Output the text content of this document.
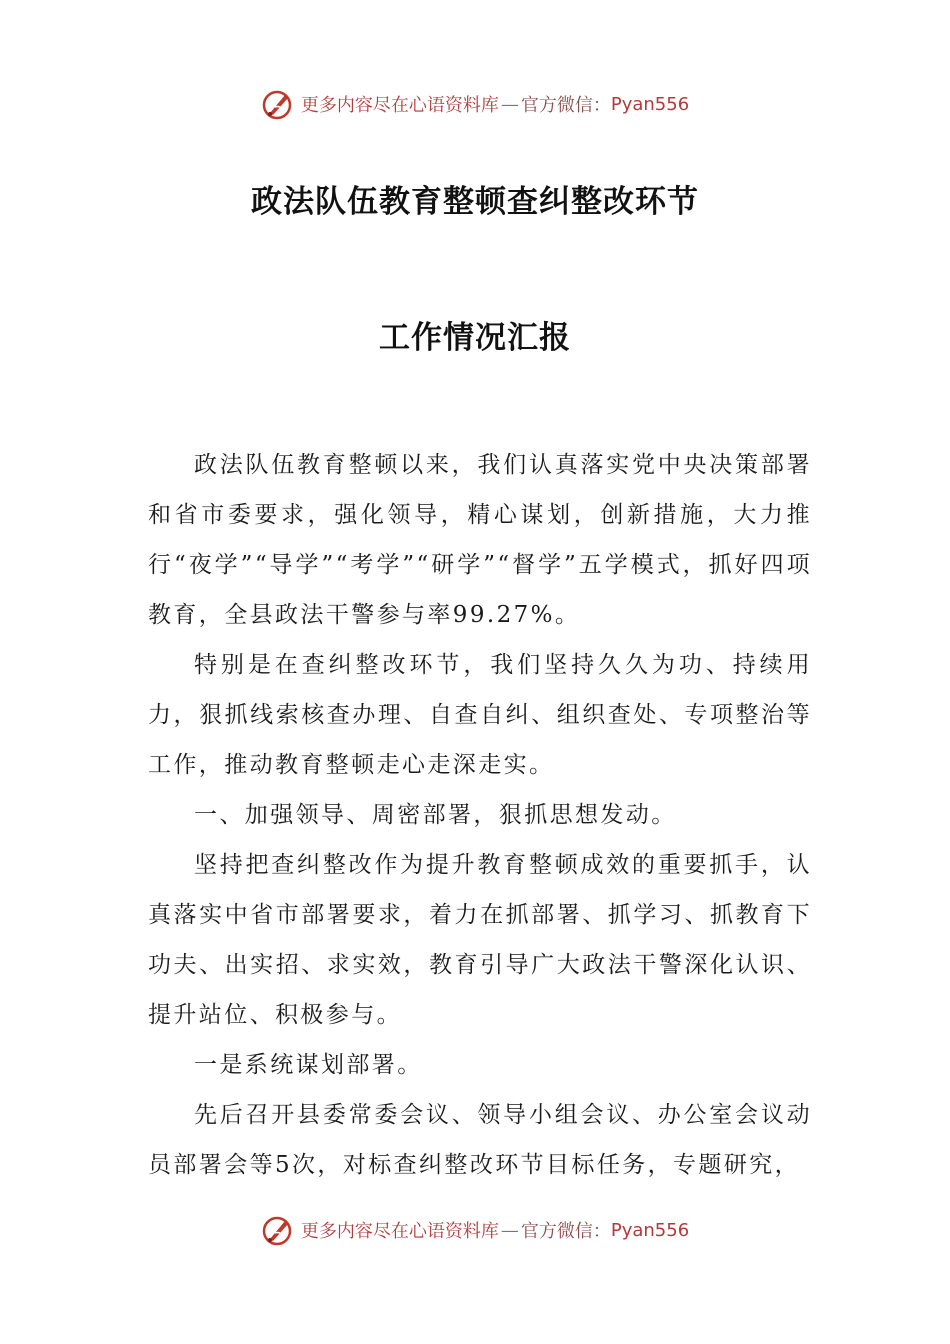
更多内容尽在心语资料库 — 官方微信： Pyan556
政法队伍教育整顿查纠整改环节
工作情况汇报

政法队伍教育整顿以来，我们认真落实党中央决策部署和省市委要求，强化领导，精心谋划，创新措施，大力推行“夜学”“导学”“考学”“研学”“督学”五学模式，抓好四项教育，全县政法干警参与率99.27%。

特别是在查纠整改环节，我们坚持久久为功、持续用力，狠抓线索核查办理、自查自纠、组织查处、专项整治等工作，推动教育整顿走心走深走实。

一、加强领导、周密部署，狠抓思想发动。

坚持把查纠整改作为提升教育整顿成效的重要抓手，认真落实中省市部署要求，着力在抓部署、抓学习、抓教育下功夫、出实招、求实效，教育引导广大政法干警深化认识、提升站位、积极参与。

一是系统谋划部署。

先后召开县委常委会议、领导小组会议、办公室会议动员部署会等5次，对标查纠整改环节目标任务，专题研究，

更多内容尽在心语资料库 — 官方微信： Pyan556
